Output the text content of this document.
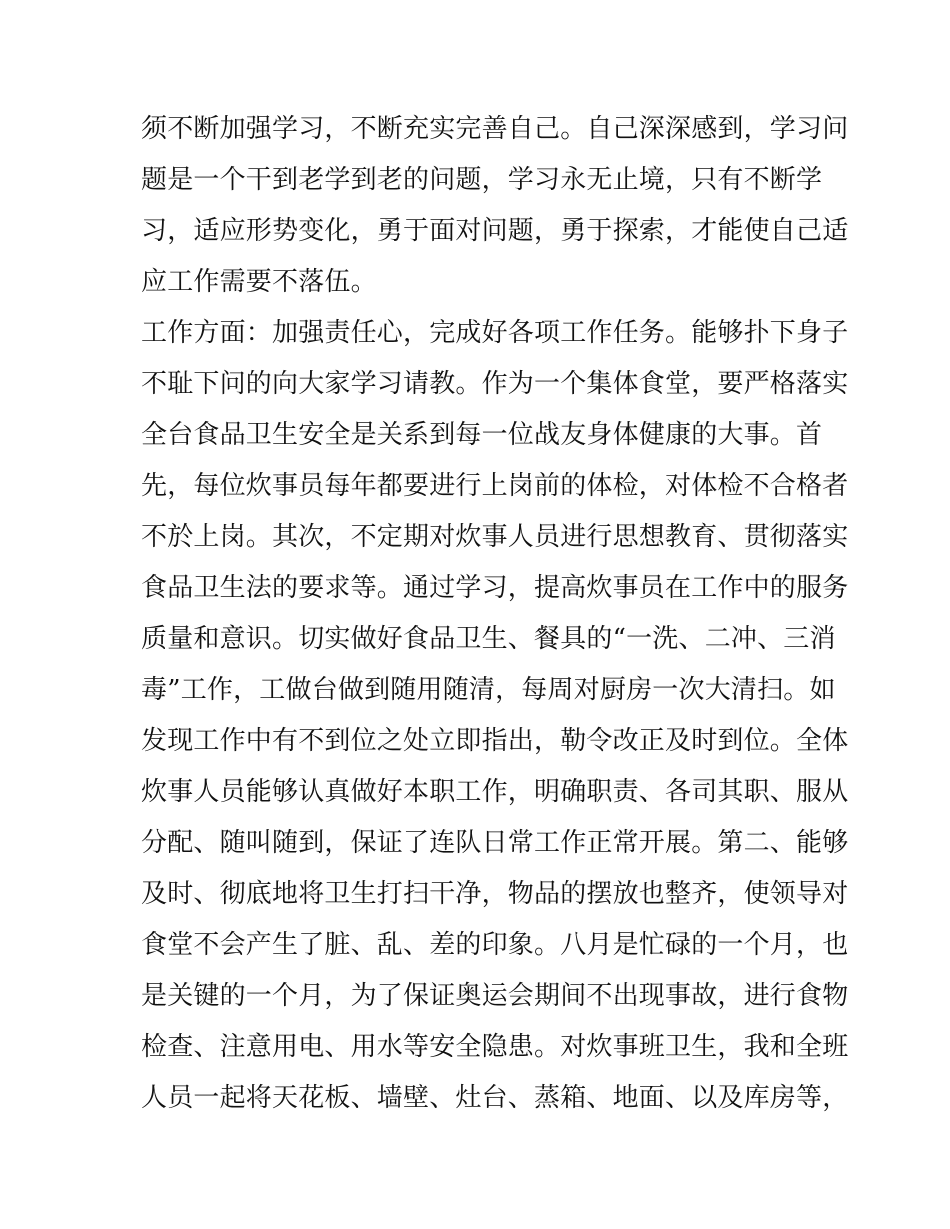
须不断加强学习，不断充实完善自己。自己深深感到，学习问
题是一个干到老学到老的问题，学习永无止境，只有不断学
习，适应形势变化，勇于面对问题，勇于探索，才能使自己适
应工作需要不落伍。
工作方面：加强责任心，完成好各项工作任务。能够扑下身子
不耻下问的向大家学习请教。作为一个集体食堂，要严格落实
全台食品卫生安全是关系到每一位战友身体健康的大事。首
先，每位炊事员每年都要进行上岗前的体检，对体检不合格者
不於上岗。其次，不定期对炊事人员进行思想教育、贯彻落实
食品卫生法的要求等。通过学习，提高炊事员在工作中的服务
质量和意识。切实做好食品卫生、餐具的“一洗、二冲、三消
毒”工作，工做台做到随用随清，每周对厨房一次大清扫。如
发现工作中有不到位之处立即指出，勒令改正及时到位。全体
炊事人员能够认真做好本职工作，明确职责、各司其职、服从
分配、随叫随到，保证了连队日常工作正常开展。第二、能够
及时、彻底地将卫生打扫干净，物品的摆放也整齐，使领导对
食堂不会产生了脏、乱、差的印象。八月是忙碌的一个月，也
是关键的一个月，为了保证奥运会期间不出现事故，进行食物
检查、注意用电、用水等安全隐患。对炊事班卫生，我和全班
人员一起将天花板、墙壁、灶台、蒸箱、地面、以及库房等，
